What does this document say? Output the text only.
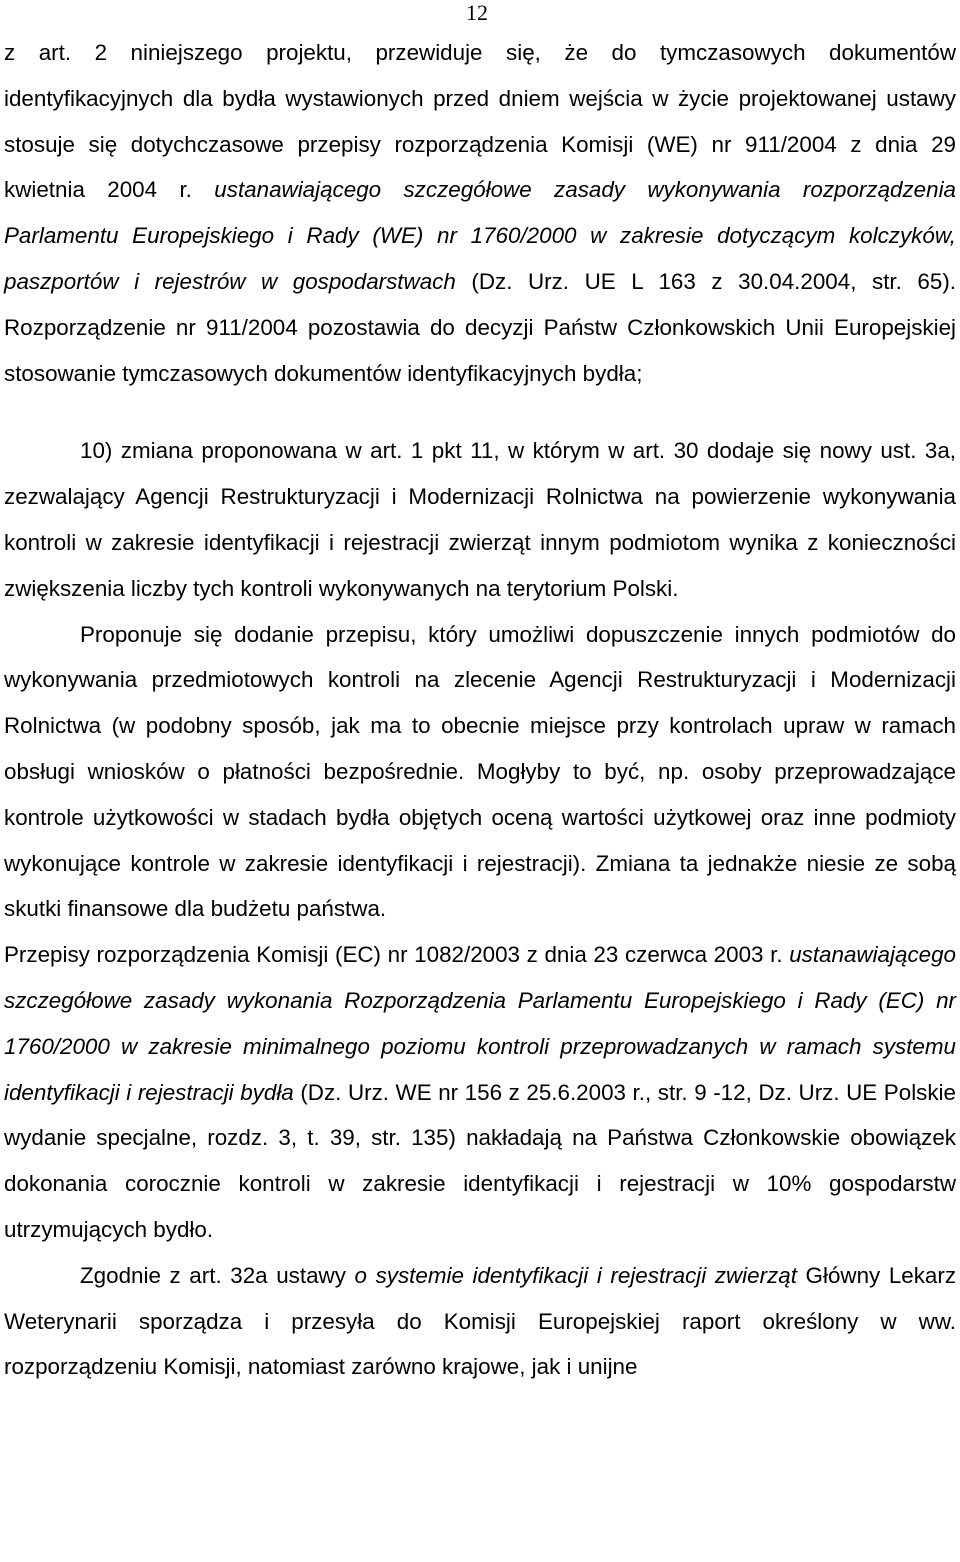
12

z art. 2 niniejszego projektu, przewiduje się, że do tymczasowych dokumentów identyfikacyjnych dla bydła wystawionych przed dniem wejścia w życie projektowanej ustawy stosuje się dotychczasowe przepisy rozporządzenia Komisji (WE) nr 911/2004 z dnia 29 kwietnia 2004 r. ustanawiającego szczegółowe zasady wykonywania rozporządzenia Parlamentu Europejskiego i Rady (WE) nr 1760/2000 w zakresie dotyczącym kolczyków, paszportów i rejestrów w gospodarstwach (Dz. Urz. UE L 163 z 30.04.2004, str. 65). Rozporządzenie nr 911/2004 pozostawia do decyzji Państw Członkowskich Unii Europejskiej stosowanie tymczasowych dokumentów identyfikacyjnych bydła;

10) zmiana proponowana w art. 1 pkt 11, w którym w art. 30 dodaje się nowy ust. 3a, zezwalający Agencji Restrukturyzacji i Modernizacji Rolnictwa na powierzenie wykonywania kontroli w zakresie identyfikacji i rejestracji zwierząt innym podmiotom wynika z konieczności zwiększenia liczby tych kontroli wykonywanych na terytorium Polski.

Proponuje się dodanie przepisu, który umożliwi dopuszczenie innych podmiotów do wykonywania przedmiotowych kontroli na zlecenie Agencji Restrukturyzacji i Modernizacji Rolnictwa (w podobny sposób, jak ma to obecnie miejsce przy kontrolach upraw w ramach obsługi wniosków o płatności bezpośrednie. Mogłyby to być, np. osoby przeprowadzające kontrole użytkowości w stadach bydła objętych oceną wartości użytkowej oraz inne podmioty wykonujące kontrole w zakresie identyfikacji i rejestracji). Zmiana ta jednakże niesie ze sobą skutki finansowe dla budżetu państwa.

Przepisy rozporządzenia Komisji (EC) nr 1082/2003 z dnia 23 czerwca 2003 r. ustanawiającego szczegółowe zasady wykonania Rozporządzenia Parlamentu Europejskiego i Rady (EC) nr 1760/2000 w zakresie minimalnego poziomu kontroli przeprowadzanych w ramach systemu identyfikacji i rejestracji bydła (Dz. Urz. WE nr 156 z 25.6.2003 r., str. 9 -12, Dz. Urz. UE Polskie wydanie specjalne, rozdz. 3, t. 39, str. 135) nakładają na Państwa Członkowskie obowiązek dokonania corocznie kontroli w zakresie identyfikacji i rejestracji w 10% gospodarstw utrzymujących bydło.

Zgodnie z art. 32a ustawy o systemie identyfikacji i rejestracji zwierząt Główny Lekarz Weterynarii sporządza i przesyła do Komisji Europejskiej raport określony w ww. rozporządzeniu Komisji, natomiast zarówno krajowe, jak i unijne
